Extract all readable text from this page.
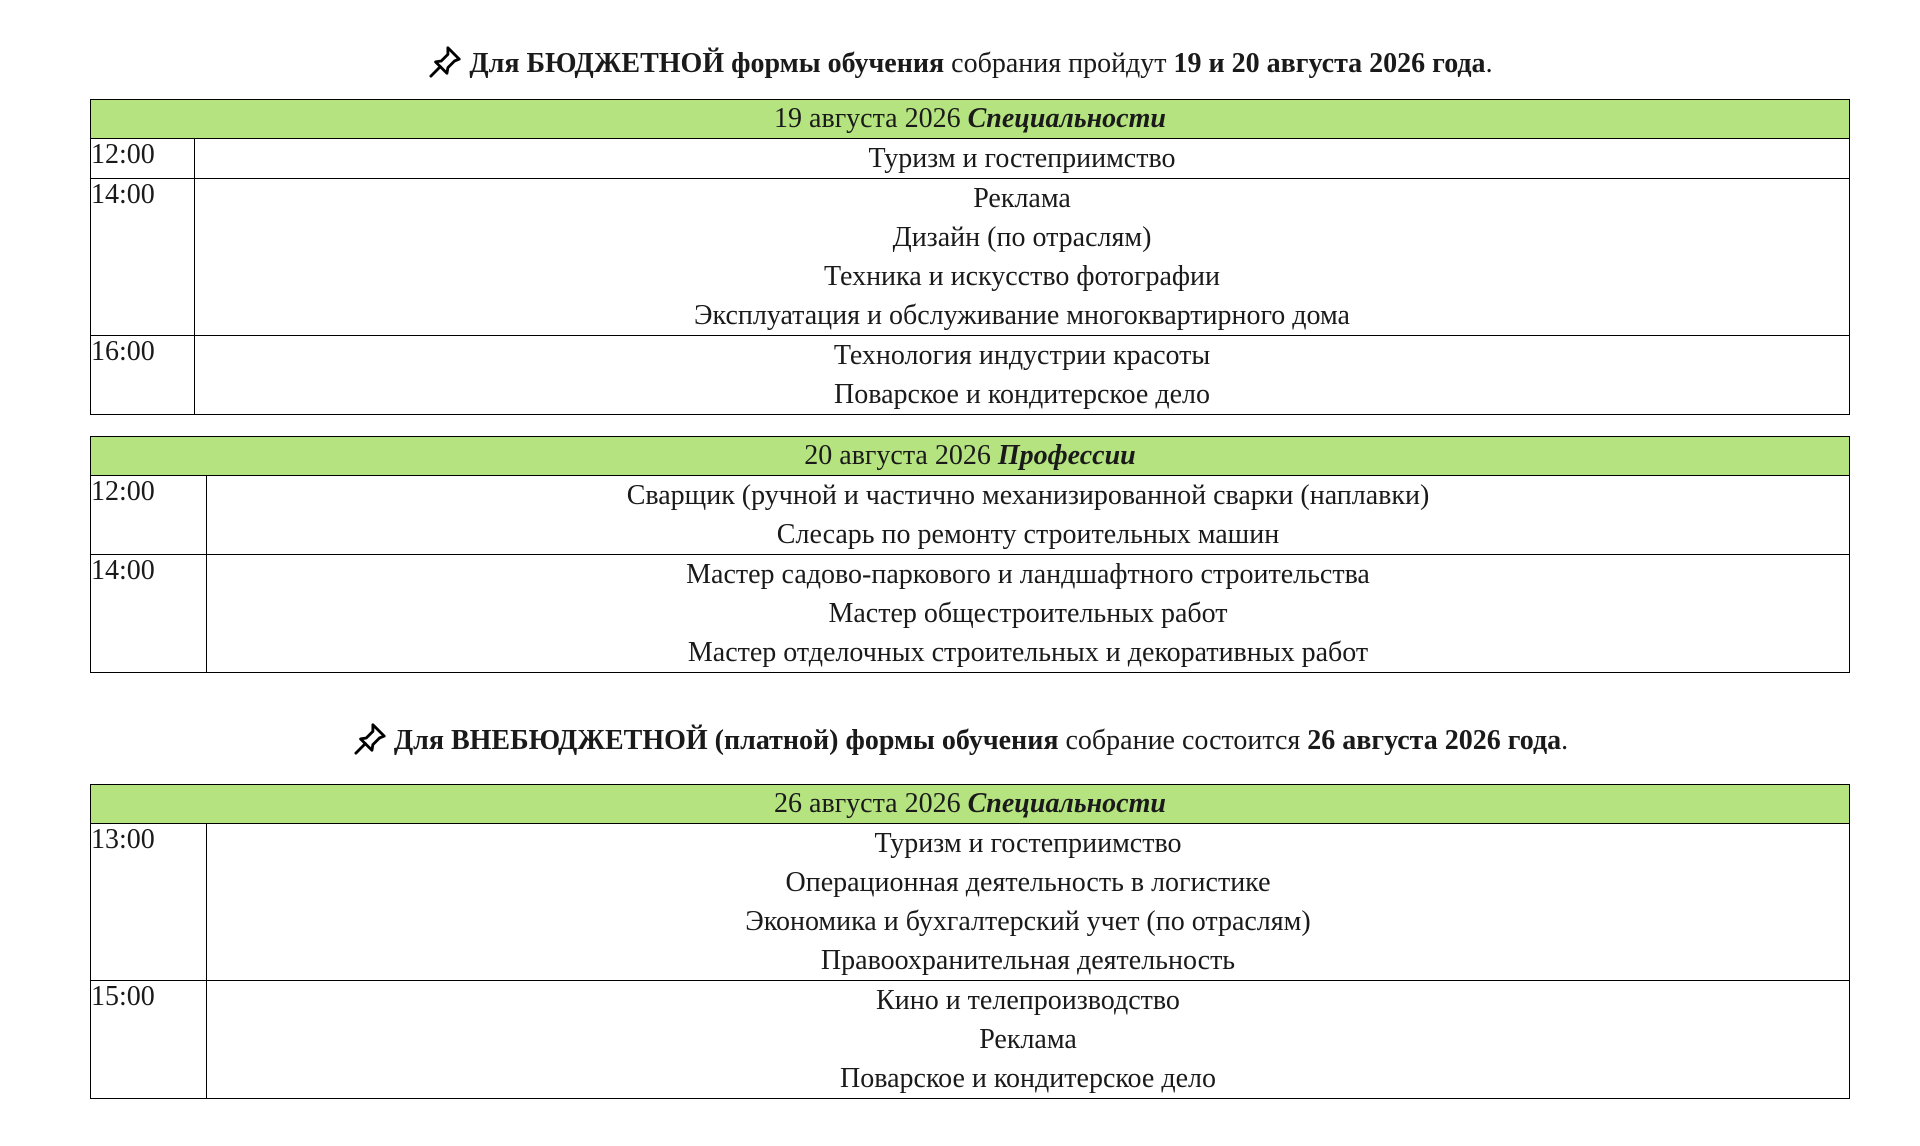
Для БЮДЖЕТНОЙ формы обучения собрания пройдут 19 и 20 августа 2026 года.
19 августа 2026 Специальности	
12:00	Туризм и гостеприимство

14:00	Реклама
Дизайн (по отраслям)
Техника и искусство фотографии
Эксплуатация и обслуживание многоквартирного дома

16:00	Технология индустрии красоты
Поварское и кондитерское дело
20 августа 2026 Профессии	
12:00	Сварщик (ручной и частично механизированной сварки (наплавки)
Слесарь по ремонту строительных машин

14:00	Мастер садово-паркового и ландшафтного строительства
Мастер общестроительных работ
Мастер отделочных строительных и декоративных работ
Для ВНЕБЮДЖЕТНОЙ (платной) формы обучения собрание состоится 26 августа 2026 года.
26 августа 2026 Специальности	
13:00	Туризм и гостеприимство
Операционная деятельность в логистике
Экономика и бухгалтерский учет (по отраслям)
Правоохранительная деятельность

15:00	Кино и телепроизводство
Реклама
Поварское и кондитерское дело
